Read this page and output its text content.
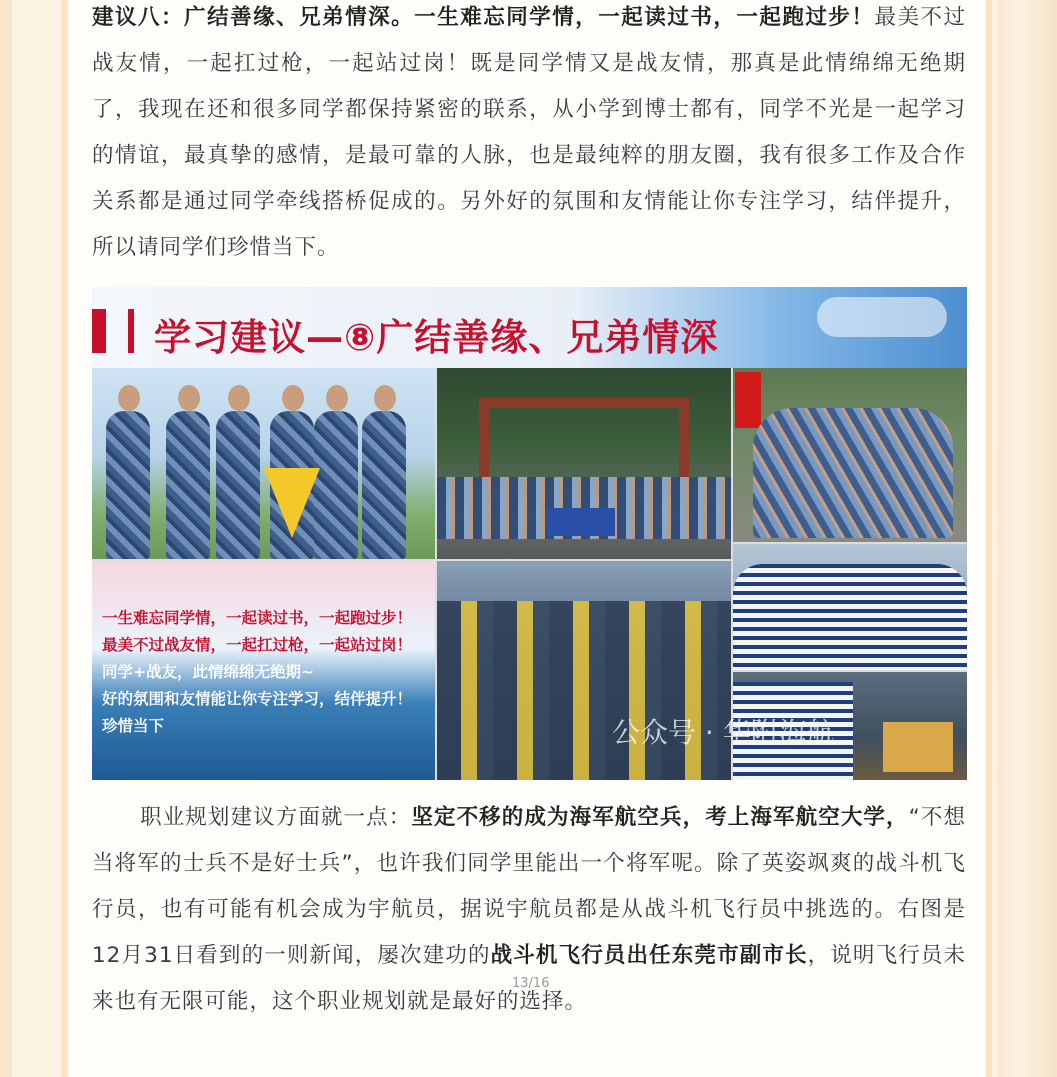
建议八：广结善缘、兄弟情深。一生难忘同学情，一起读过书，一起跑过步！最美不过战友情，一起扛过枪，一起站过岗！既是同学情又是战友情，那真是此情绵绵无绝期了，我现在还和很多同学都保持紧密的联系，从小学到博士都有，同学不光是一起学习的情谊，最真挚的感情，是最可靠的人脉，也是最纯粹的朋友圈，我有很多工作及合作关系都是通过同学牵线搭桥促成的。另外好的氛围和友情能让你专注学习，结伴提升，所以请同学们珍惜当下。

学习建议—⑧广结善缘、兄弟情深
一生难忘同学情，一起读过书，一起跑过步！
最美不过战友情，一起扛过枪，一起站过岗！
同学+战友，此情绵绵无绝期~
好的氛围和友情能让你专注学习，结伴提升！
珍惜当下	公众号 · 华附海航

职业规划建议方面就一点：坚定不移的成为海军航空兵，考上海军航空大学，“不想当将军的士兵不是好士兵”，也许我们同学里能出一个将军呢。除了英姿飒爽的战斗机飞行员，也有可能有机会成为宇航员，据说宇航员都是从战斗机飞行员中挑选的。右图是12月31日看到的一则新闻，屡次建功的战斗机飞行员出任东莞市副市长，说明飞行员未来也有无限可能，这个职业规划就是最好的选择。

13/16
